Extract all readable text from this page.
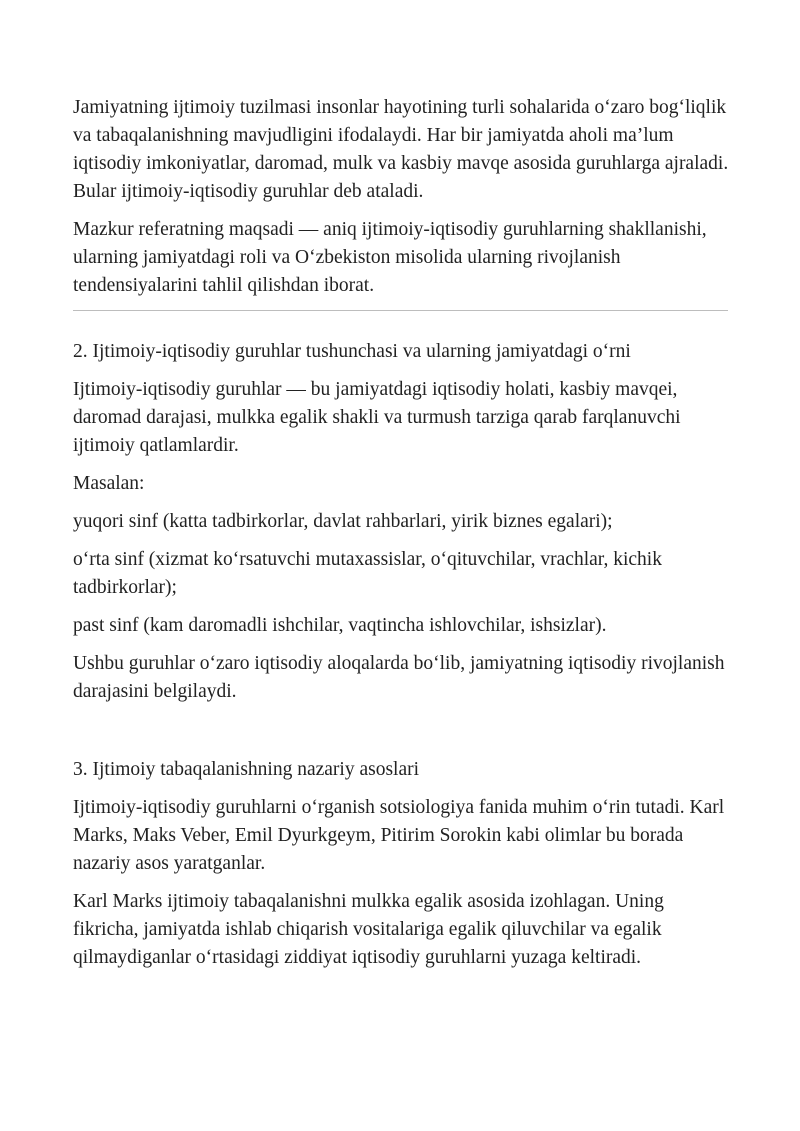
Jamiyatning ijtimoiy tuzilmasi insonlar hayotining turli sohalarida o‘zaro bog‘liqlik va tabaqalanishning mavjudligini ifodalaydi. Har bir jamiyatda aholi ma’lum iqtisodiy imkoniyatlar, daromad, mulk va kasbiy mavqe asosida guruhlarga ajraladi. Bular ijtimoiy-iqtisodiy guruhlar deb ataladi.

Mazkur referatning maqsadi — aniq ijtimoiy-iqtisodiy guruhlarning shakllanishi, ularning jamiyatdagi roli va O‘zbekiston misolida ularning rivojlanish tendensiyalarini tahlil qilishdan iborat.

2. Ijtimoiy-iqtisodiy guruhlar tushunchasi va ularning jamiyatdagi o‘rni

Ijtimoiy-iqtisodiy guruhlar — bu jamiyatdagi iqtisodiy holati, kasbiy mavqei, daromad darajasi, mulkka egalik shakli va turmush tarziga qarab farqlanuvchi ijtimoiy qatlamlardir.

Masalan:

yuqori sinf (katta tadbirkorlar, davlat rahbarlari, yirik biznes egalari);

o‘rta sinf (xizmat ko‘rsatuvchi mutaxassislar, o‘qituvchilar, vrachlar, kichik tadbirkorlar);

past sinf (kam daromadli ishchilar, vaqtincha ishlovchilar, ishsizlar).

Ushbu guruhlar o‘zaro iqtisodiy aloqalarda bo‘lib, jamiyatning iqtisodiy rivojlanish darajasini belgilaydi.

3. Ijtimoiy tabaqalanishning nazariy asoslari

Ijtimoiy-iqtisodiy guruhlarni o‘rganish sotsiologiya fanida muhim o‘rin tutadi. Karl Marks, Maks Veber, Emil Dyurkgeym, Pitirim Sorokin kabi olimlar bu borada nazariy asos yaratganlar.

Karl Marks ijtimoiy tabaqalanishni mulkka egalik asosida izohlagan. Uning fikricha, jamiyatda ishlab chiqarish vositalariga egalik qiluvchilar va egalik qilmaydiganlar o‘rtasidagi ziddiyat iqtisodiy guruhlarni yuzaga keltiradi.
